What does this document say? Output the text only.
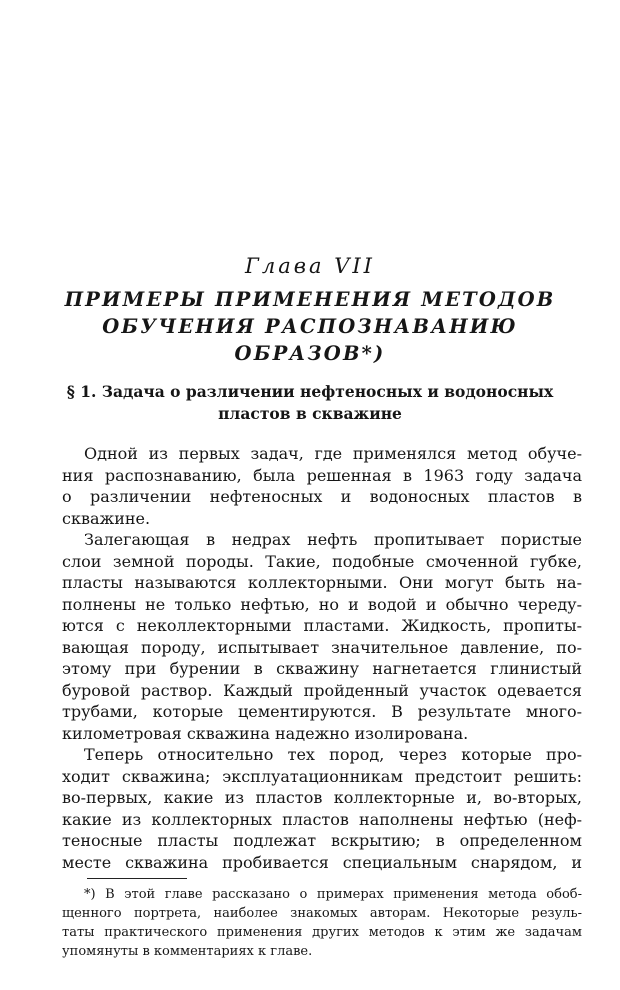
Глава VII
ПРИМЕРЫ ПРИМЕНЕНИЯ МЕТОДОВ
ОБУЧЕНИЯ РАСПОЗНАВАНИЮ
ОБРАЗОВ*)
§ 1. Задача о различении нефтеносных и водоносных
пластов в скважине
Одной из первых задач, где применялся метод обуче-
ния распознаванию, была решенная в 1963 году задача
о различении нефтеносных и водоносных пластов в
скважине.
Залегающая в недрах нефть пропитывает пористые
слои земной породы. Такие, подобные смоченной губке,
пласты называются коллекторными. Они могут быть на-
полнены не только нефтью, но и водой и обычно череду-
ются с неколлекторными пластами. Жидкость, пропиты-
вающая породу, испытывает значительное давление, по-
этому при бурении в скважину нагнетается глинистый
буровой раствор. Каждый пройденный участок одевается
трубами, которые цементируются. В результате многo-
километровая скважина надежно изолирована.
Теперь относительно тех пород, через которые про-
ходит скважина; эксплуатационникам предстоит решить:
во-первых, какие из пластов коллекторные и, во-вторых,
какие из коллекторных пластов наполнены нефтью (неф-
теносные пласты подлежат вскрытию; в определенном
месте скважина пробивается специальным снарядом, и
*) В этой главе рассказано о примерах применения метода обоб-
щенного портрета, наиболее знакомых авторам. Некоторые резуль-
таты практического применения других методов к этим же задачам
упомянуты в комментариях к главе.
